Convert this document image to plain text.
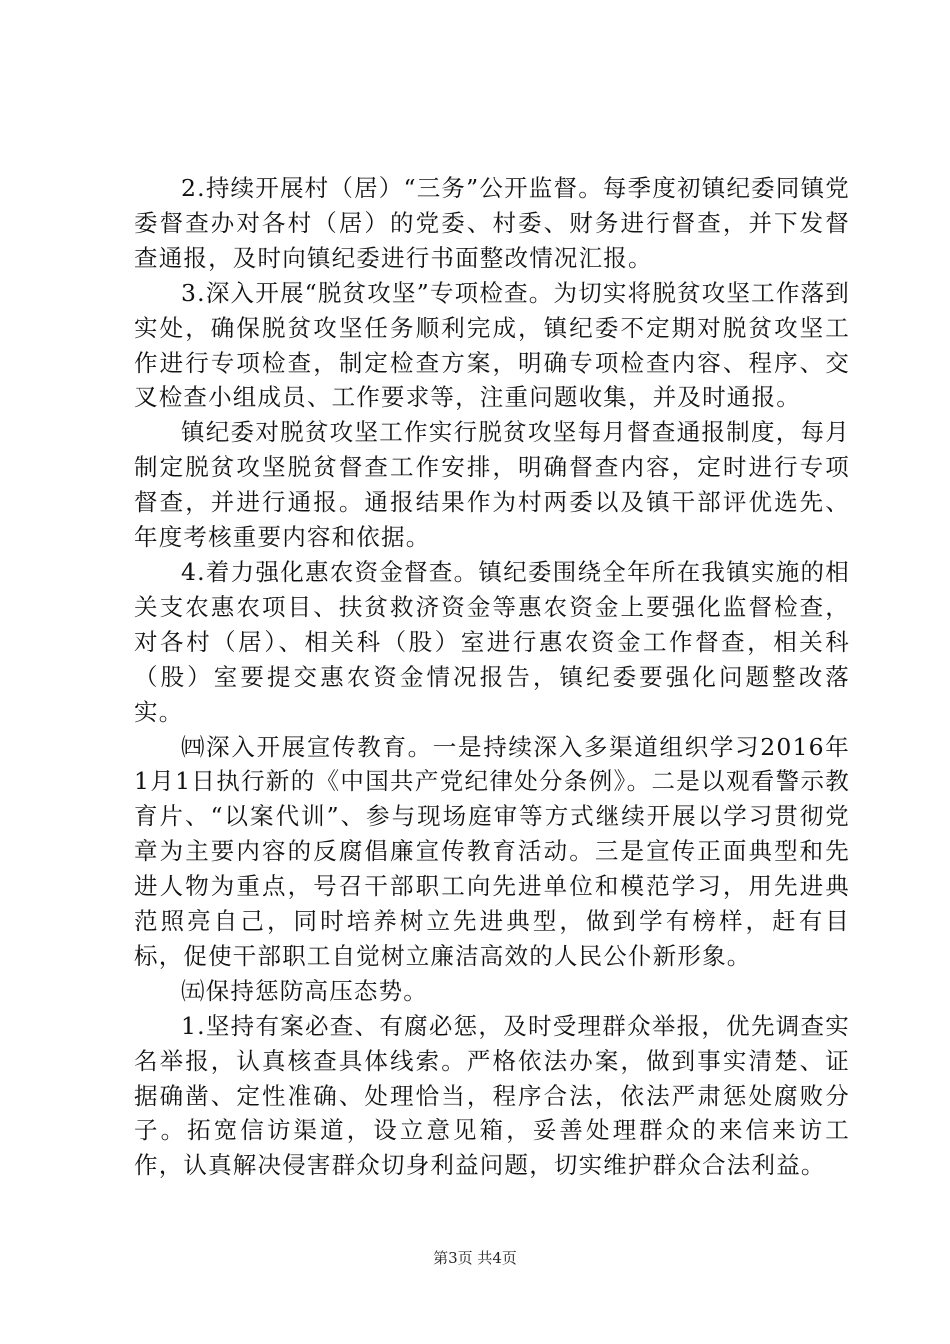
2.持续开展村（居）“三务”公开监督。每季度初镇纪委同镇党委督查办对各村（居）的党委、村委、财务进行督查，并下发督查通报，及时向镇纪委进行书面整改情况汇报。

3.深入开展“脱贫攻坚”专项检查。为切实将脱贫攻坚工作落到实处，确保脱贫攻坚任务顺利完成，镇纪委不定期对脱贫攻坚工作进行专项检查，制定检查方案，明确专项检查内容、程序、交叉检查小组成员、工作要求等，注重问题收集，并及时通报。

镇纪委对脱贫攻坚工作实行脱贫攻坚每月督查通报制度，每月制定脱贫攻坚脱贫督查工作安排，明确督查内容，定时进行专项督查，并进行通报。通报结果作为村两委以及镇干部评优选先、年度考核重要内容和依据。

4.着力强化惠农资金督查。镇纪委围绕全年所在我镇实施的相关支农惠农项目、扶贫救济资金等惠农资金上要强化监督检查，对各村（居）、相关科（股）室进行惠农资金工作督查，相关科（股）室要提交惠农资金情况报告，镇纪委要强化问题整改落实。

㈣深入开展宣传教育。一是持续深入多渠道组织学习2016年1月1日执行新的《中国共产党纪律处分条例》。二是以观看警示教育片、“以案代训”、参与现场庭审等方式继续开展以学习贯彻党章为主要内容的反腐倡廉宣传教育活动。三是宣传正面典型和先进人物为重点，号召干部职工向先进单位和模范学习，用先进典范照亮自己，同时培养树立先进典型，做到学有榜样，赶有目标，促使干部职工自觉树立廉洁高效的人民公仆新形象。

㈤保持惩防高压态势。

1.坚持有案必查、有腐必惩，及时受理群众举报，优先调查实名举报，认真核查具体线索。严格依法办案，做到事实清楚、证据确凿、定性准确、处理恰当，程序合法，依法严肃惩处腐败分子。拓宽信访渠道，设立意见箱，妥善处理群众的来信来访工作，认真解决侵害群众切身利益问题，切实维护群众合法利益。

第3页 共4页
